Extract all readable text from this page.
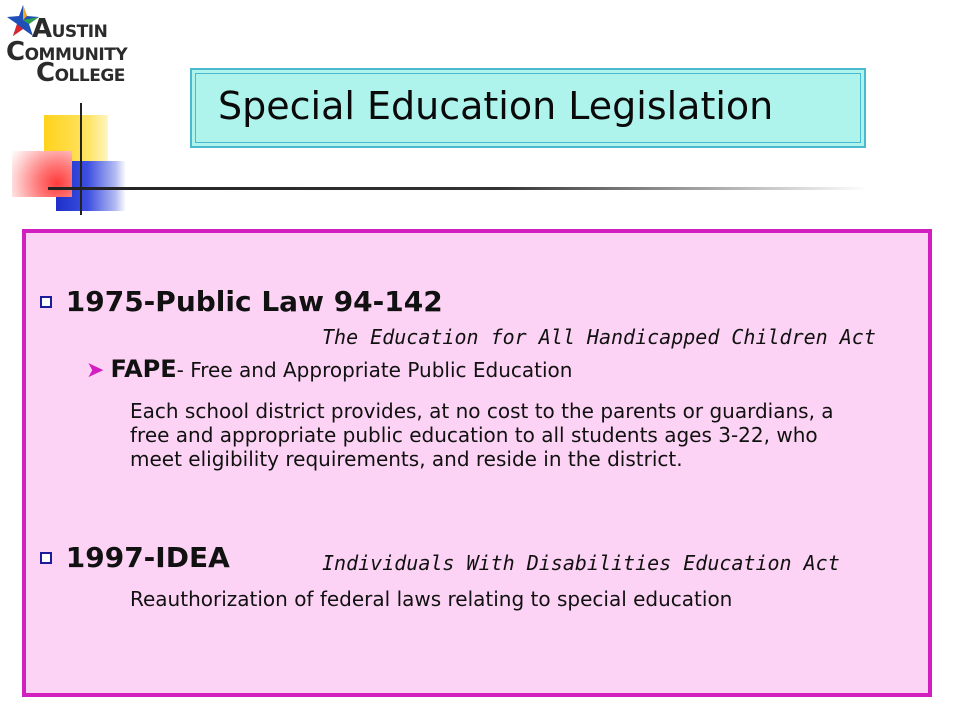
AUSTIN
COMMUNITY
COLLEGE
Special Education Legislation
1975-Public Law 94-142
The Education for All Handicapped Children Act
➤ FAPE- Free and Appropriate Public Education
Each school district provides, at no cost to the parents or guardians, a free and appropriate public education to all students ages 3-22, who meet eligibility requirements, and reside in the district.
1997-IDEA	Individuals With Disabilities Education Act
Reauthorization of federal laws relating to special education
